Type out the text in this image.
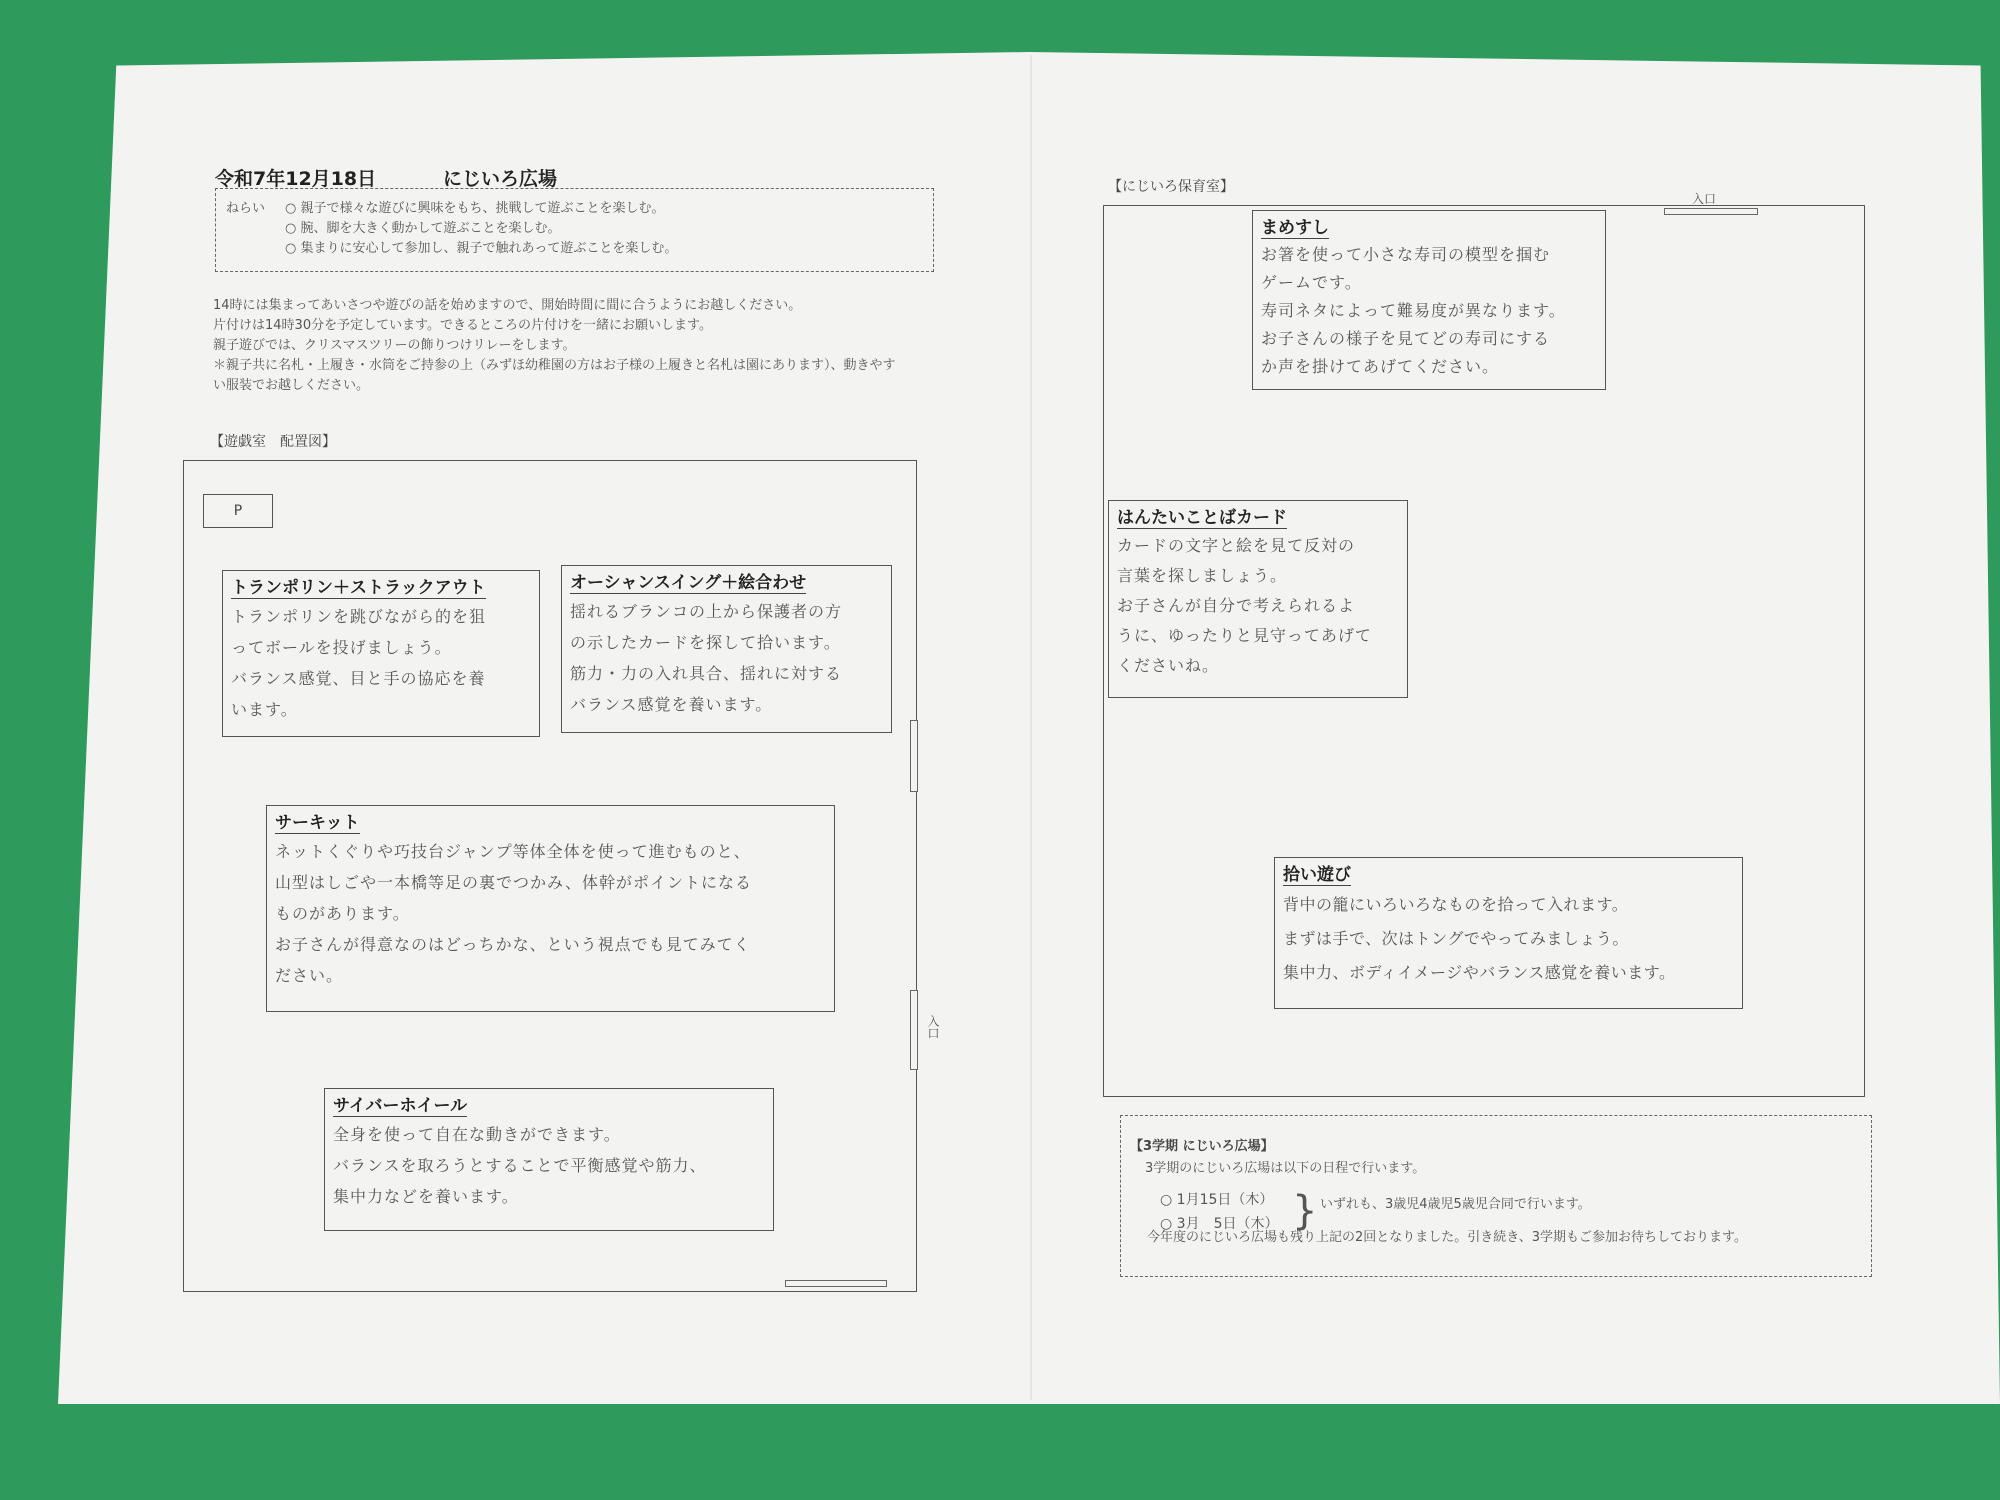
令和7年12月18日	にじいろ広場
ねらい ○ 親子で様々な遊びに興味をもち、挑戦して遊ぶことを楽しむ。
○ 腕、脚を大きく動かして遊ぶことを楽しむ。
○ 集まりに安心して参加し、親子で触れあって遊ぶことを楽しむ。
14時には集まってあいさつや遊びの話を始めますので、開始時間に間に合うようにお越しください。
片付けは14時30分を予定しています。できるところの片付けを一緒にお願いします。
親子遊びでは、クリスマスツリーの飾りつけリレーをします。
＊親子共に名札・上履き・水筒をご持参の上（みずほ幼稚園の方はお子様の上履きと名札は園にあります）、動きやす
い服装でお越しください。
【遊戯室　配置図】
P
入口
トランポリン＋ストラックアウト
トランポリンを跳びながら的を狙
ってボールを投げましょう。
バランス感覚、目と手の協応を養
います。
オーシャンスイング＋絵合わせ
揺れるブランコの上から保護者の方
の示したカードを探して拾います。
筋力・力の入れ具合、揺れに対する
バランス感覚を養います。
サーキット
ネットくぐりや巧技台ジャンプ等体全体を使って進むものと、
山型はしごや一本橋等足の裏でつかみ、体幹がポイントになる
ものがあります。
お子さんが得意なのはどっちかな、という視点でも見てみてく
ださい。
サイバーホイール
全身を使って自在な動きができます。
バランスを取ろうとすることで平衡感覚や筋力、
集中力などを養います。
【にじいろ保育室】
入口
まめすし
お箸を使って小さな寿司の模型を掴む
ゲームです。
寿司ネタによって難易度が異なります。
お子さんの様子を見てどの寿司にする
か声を掛けてあげてください。
はんたいことばカード
カードの文字と絵を見て反対の
言葉を探しましょう。
お子さんが自分で考えられるよ
うに、ゆったりと見守ってあげて
くださいね。
拾い遊び
背中の籠にいろいろなものを拾って入れます。
まずは手で、次はトングでやってみましょう。
集中力、ボディイメージやバランス感覚を養います。
【3学期 にじいろ広場】
3学期のにじいろ広場は以下の日程で行います。
○ 1月15日（木）
○ 3月　5日（木） } いずれも、3歳児4歳児5歳児合同で行います。
今年度のにじいろ広場も残り上記の2回となりました。引き続き、3学期もご参加お待ちしております。
